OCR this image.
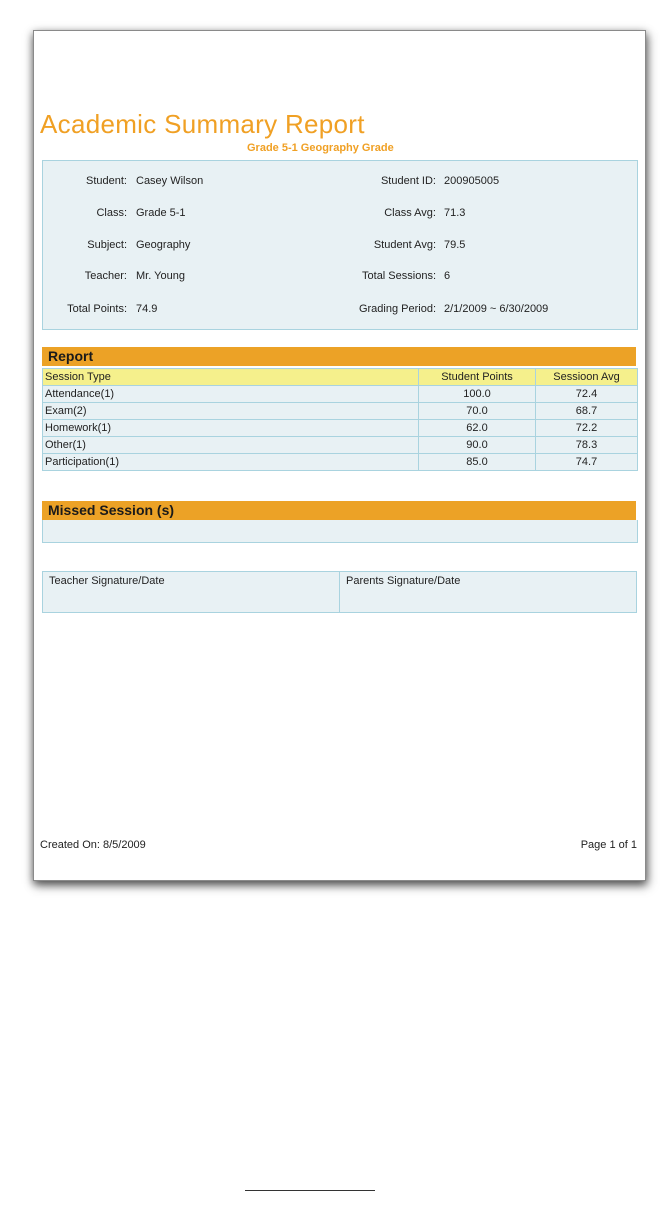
Academic Summary Report
Grade 5-1 Geography Grade
Student: Casey Wilson
Class: Grade 5-1
Subject: Geography
Teacher: Mr. Young
Total Points: 74.9
Student ID: 200905005
Class Avg: 71.3
Student Avg: 79.5
Total Sessions: 6
Grading Period: 2/1/2009 ~ 6/30/2009
Report
Session Type	Student Points	Sessioon Avg
Attendance(1)	100.0	72.4
Exam(2)	70.0	68.7
Homework(1)	62.0	72.2
Other(1)	90.0	78.3
Participation(1)	85.0	74.7
Missed Session (s)
Teacher Signature/Date	Parents Signature/Date
Created On: 8/5/2009	Page 1 of 1
